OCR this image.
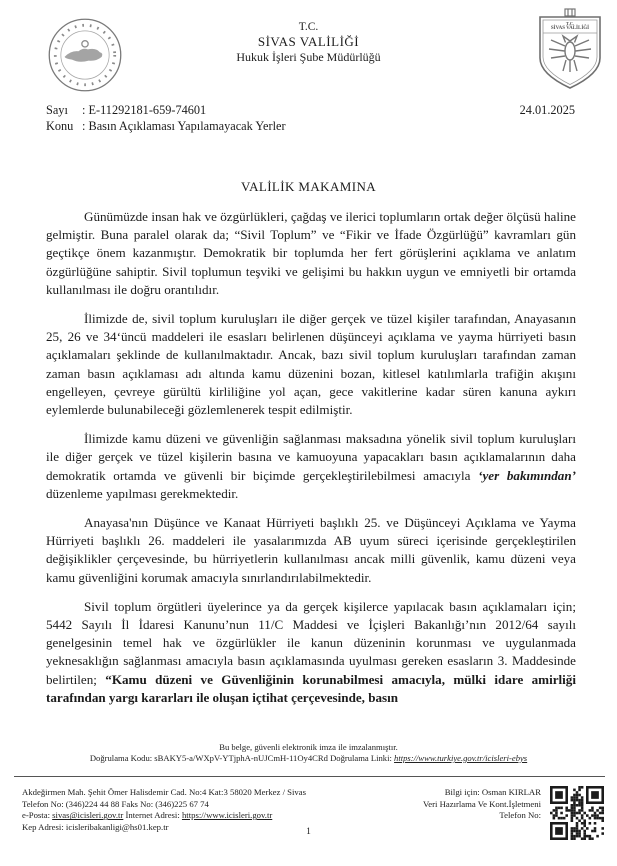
T.C.
SİVAS VALİLİĞİ
Hukuk İşleri Şube Müdürlüğü
T.C.
SİVAS VALİLİĞİ
Sayı	: E-11292181-659-74601
Konu : Basın Açıklaması Yapılamayacak Yerler
24.01.2025
VALİLİK MAKAMINA

Günümüzde insan hak ve özgürlükleri, çağdaş ve ilerici toplumların ortak değer ölçüsü haline gelmiştir. Buna paralel olarak da; “Sivil Toplum” ve “Fikir ve İfade Özgürlüğü” kavramları gün geçtikçe önem kazanmıştır. Demokratik bir toplumda her fert görüşlerini açıklama ve anlatım özgürlüğüne sahiptir. Sivil toplumun teşviki ve gelişimi bu hakkın uygun ve emniyetli bir ortamda kullanılması ile doğru orantılıdır.

İlimizde de, sivil toplum kuruluşları ile diğer gerçek ve tüzel kişiler tarafından, Anayasanın 25, 26 ve 34‘üncü maddeleri ile esasları belirlenen düşünceyi açıklama ve yayma hürriyeti basın açıklamaları şeklinde de kullanılmaktadır. Ancak, bazı sivil toplum kuruluşları tarafından zaman zaman basın açıklaması adı altında kamu düzenini bozan, kitlesel katılımlarla trafiğin akışını engelleyen, çevreye gürültü kirliliğine yol açan, gece vakitlerine kadar süren kanuna aykırı eylemlerde bulunabileceği gözlemlenerek tespit edilmiştir.

İlimizde kamu düzeni ve güvenliğin sağlanması maksadına yönelik sivil toplum kuruluşları ile diğer gerçek ve tüzel kişilerin basına ve kamuoyuna yapacakları basın açıklamalarının daha demokratik ortamda ve güvenli bir biçimde gerçekleştirilebilmesi amacıyla ‘yer bakımından’ düzenleme yapılması gerekmektedir.

Anayasa'nın Düşünce ve Kanaat Hürriyeti başlıklı 25. ve Düşünceyi Açıklama ve Yayma Hürriyeti başlıklı 26. maddeleri ile yasalarımızda AB uyum süreci içerisinde gerçekleştirilen değişiklikler çerçevesinde, bu hürriyetlerin kullanılması ancak milli güvenlik, kamu düzeni veya kamu güvenliğini korumak amacıyla sınırlandırılabilmektedir.

Sivil toplum örgütleri üyelerince ya da gerçek kişilerce yapılacak basın açıklamaları için; 5442 Sayılı İl İdaresi Kanunu’nun 11/C Maddesi ve İçişleri Bakanlığı’nın 2012/64 sayılı genelgesinin temel hak ve özgürlükler ile kanun düzeninin korunması ve uygulanmada yeknesaklığın sağlanması amacıyla basın açıklamasında uyulması gereken esasların 3. Maddesinde belirtilen; “Kamu düzeni ve Güvenliğinin korunabilmesi amacıyla, mülki idare amirliği tarafından yargı kararları ile oluşan içtihat çerçevesinde, basın

Bu belge, güvenli elektronik imza ile imzalanmıştır.
Doğrulama Kodu: sBAKY5-a/WXpV-YTjphA-nUJCmH-11Oy4CRd Doğrulama Linki: https://www.turkiye.gov.tr/icisleri-ebys
Akdeğirmen Mah. Şehit Ömer Halisdemir Cad. No:4 Kat:3 58020 Merkez / Sivas
Telefon No: (346)224 44 88 Faks No: (346)225 67 74
e-Posta: sivas@icisleri.gov.tr İnternet Adresi: https://www.icisleri.gov.tr
Kep Adresi: icisleribakanligi@hs01.kep.tr
Bilgi için: Osman KIRLAR
Veri Hazırlama Ve Kont.İşletmeni
Telefon No:
1
